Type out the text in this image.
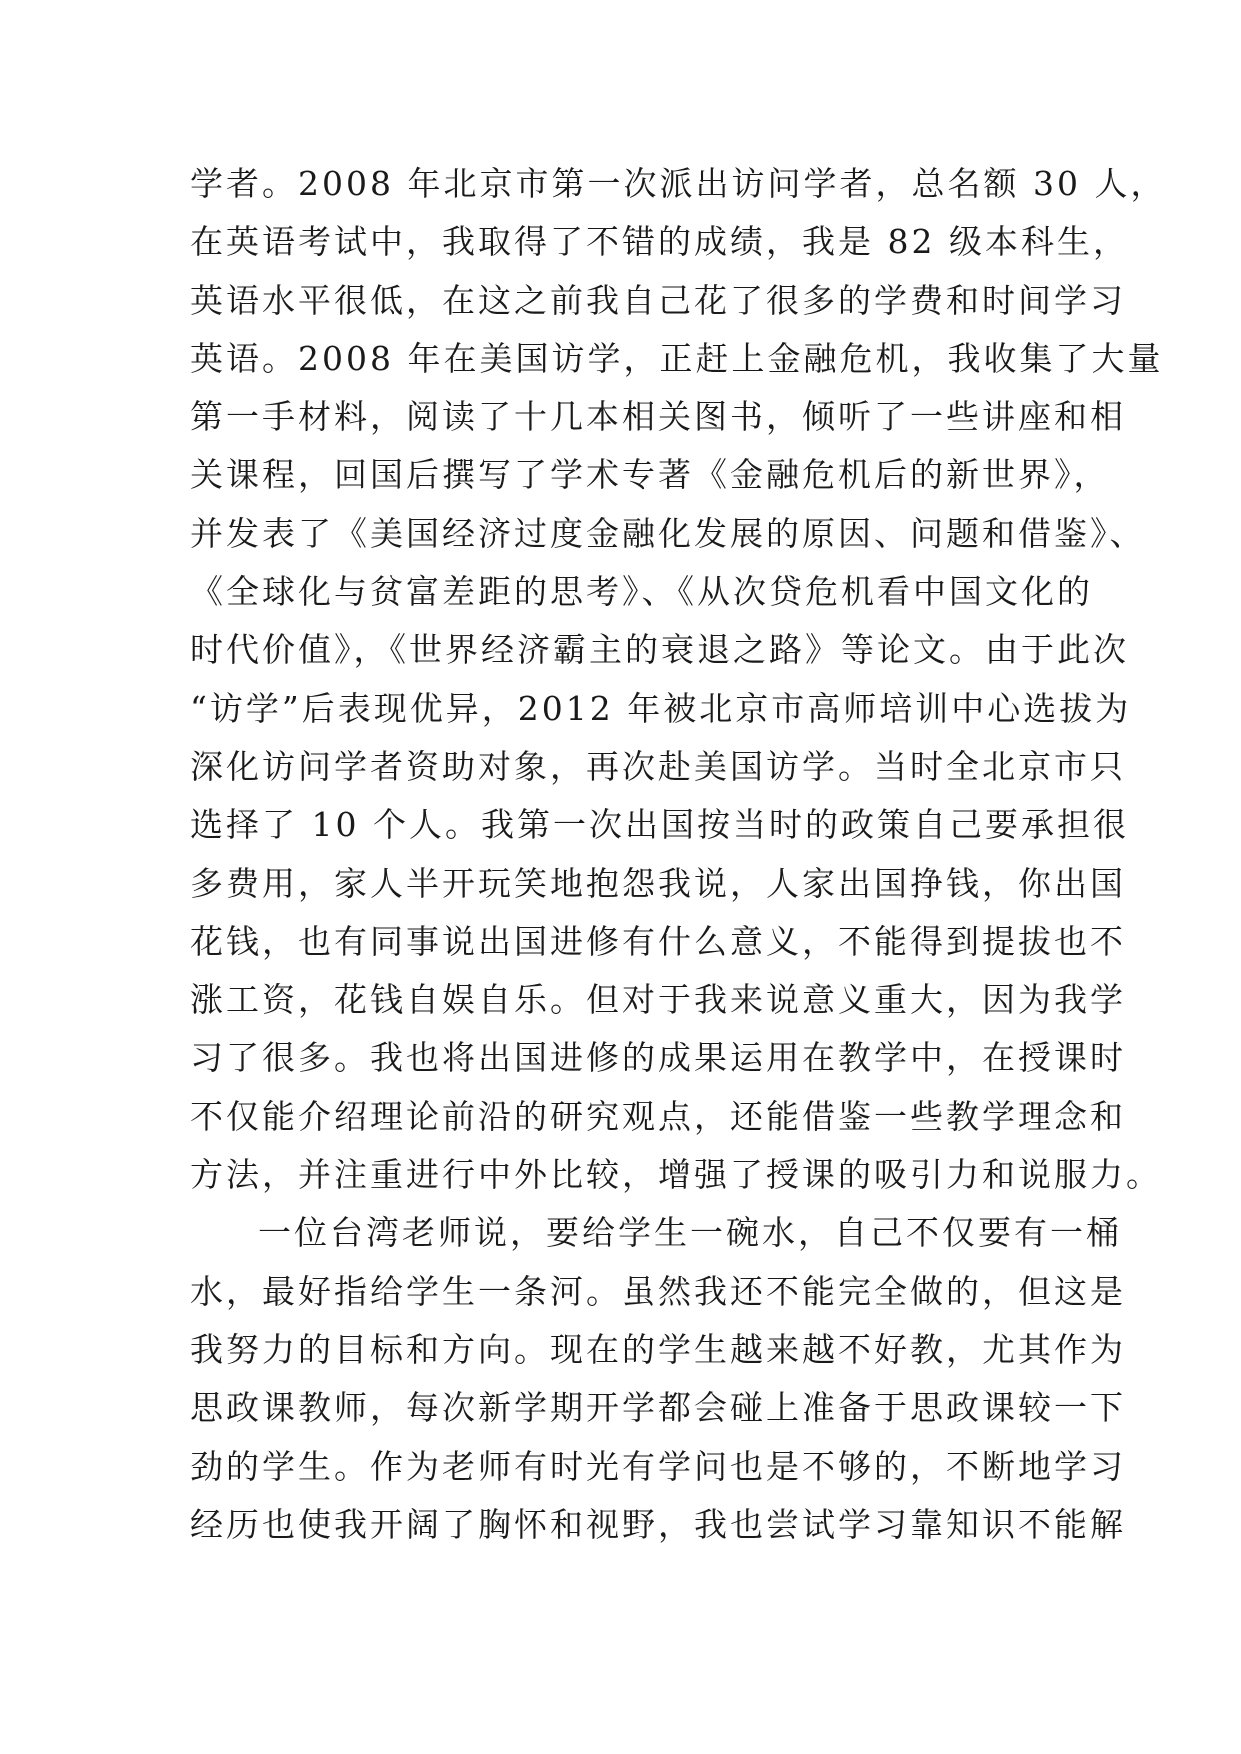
学者。2008 年北京市第一次派出访问学者，总名额 30 人，
在英语考试中，我取得了不错的成绩，我是 82 级本科生，
英语水平很低，在这之前我自己花了很多的学费和时间学习
英语。2008 年在美国访学，正赶上金融危机，我收集了大量
第一手材料，阅读了十几本相关图书，倾听了一些讲座和相
关课程，回国后撰写了学术专著《金融危机后的新世界》，
并发表了《美国经济过度金融化发展的原因、问题和借鉴》、
《全球化与贫富差距的思考》、《从次贷危机看中国文化的
时代价值》，《世界经济霸主的衰退之路》等论文。由于此次
“访学”后表现优异，2012 年被北京市高师培训中心选拔为
深化访问学者资助对象，再次赴美国访学。当时全北京市只
选择了 10 个人。我第一次出国按当时的政策自己要承担很
多费用，家人半开玩笑地抱怨我说，人家出国挣钱，你出国
花钱，也有同事说出国进修有什么意义，不能得到提拔也不
涨工资，花钱自娱自乐。但对于我来说意义重大，因为我学
习了很多。我也将出国进修的成果运用在教学中，在授课时
不仅能介绍理论前沿的研究观点，还能借鉴一些教学理念和
方法，并注重进行中外比较，增强了授课的吸引力和说服力。
一位台湾老师说，要给学生一碗水，自己不仅要有一桶
水，最好指给学生一条河。虽然我还不能完全做的，但这是
我努力的目标和方向。现在的学生越来越不好教，尤其作为
思政课教师，每次新学期开学都会碰上准备于思政课较一下
劲的学生。作为老师有时光有学问也是不够的，不断地学习
经历也使我开阔了胸怀和视野，我也尝试学习靠知识不能解
